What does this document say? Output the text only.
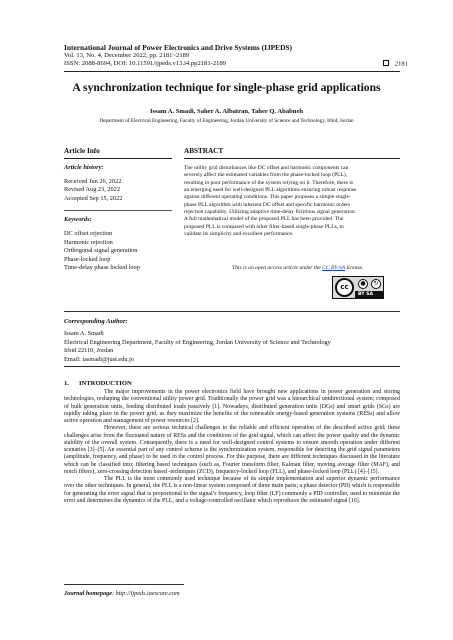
International Journal of Power Electronics and Drive Systems (IJPEDS)
Vol. 13, No. 4, December 2022, pp. 2181~2189
ISSN: 2088-8694, DOI: 10.11591/ijpeds.v13.i4.pp2181-2189	2181
A synchronization technique for single-phase grid applications
Issam A. Smadi, Saher A. Albatran, Taher Q. Ababneh
Department of Electrical Engineering, Faculty of Engineering, Jordan University of Science and Technology, Irbid, Jordan
Article Info
Article history:
Received Jun 26, 2022
Revised Aug 23, 2022
Accepted Sep 15, 2022
Keywords:
DC offset rejection
Harmonic rejection
Orthogonal signal generation
Phase-locked loop
Time-delay phase locked loop
ABSTRACT
The utility grid disturbances like DC offset and harmonic components can
severely affect the estimated variables from the phase-locked loop (PLL),
resulting in poor performance of the system relying on it. Therefore, there is
an emerging need for well-designed PLL algorithms ensuring robust response
against different operating conditions. This paper proposes a simple single-
phase PLL algorithm with inherent DC offset and specific harmonic orders
rejection capability. Utilizing adaptive time-delay fictitious signal generation.
A full mathematical model of the proposed PLL has been provided. The
proposed PLL is compared with other filter-based single-phase PLLs, to
validate its simplicity and excellent performance.
This is an open access article under the CC BY-SA license.
cc	●	↻
BY SA
Corresponding Author:
Issam A. Smadi
Electrical Engineering Department, Faculty of Engineering, Jordan University of Science and Technology
Irbid 22110, Jordan
Email: iasmadi@just.edu.jo
1. INTRODUCTION

The major improvements in the power electronics field have brought new applications in power generation and storing technologies, reshaping the conventional utility power grid. Traditionally the power grid was a hierarchical unidirectional system; composed of bulk generation units, feeding distributed loads passively [1]. Nowadays, distributed generation units (DGs) and smart grids (SGs) are rapidly taking place in the power grid, as they maximize the benefits of the renewable energy-based generation systems (RESs) and allow active operation and management of power resources [2].

However, there are serious technical challenges to the reliable and efficient operation of the described active grid; these challenges arise from the fluctuated nature of RESs and the conditions of the grid signal, which can affect the power quality and the dynamic stability of the overall system. Consequently, there is a need for well-designed control systems to ensure smooth operation under different scenarios [3]–[5]. An essential part of any control scheme is the synchronization system, responsible for detecting the grid signal parameters (amplitude, frequency, and phase) to be used in the control process. For this purpose, there are different techniques discussed in the literature which can be classified into; filtering based techniques (such as, Fourier transform filter, Kalman filter, moving average filter (MAF), and notch filters), zero-crossing detection based -techniques (ZCD), frequency-locked loop (FLL), and phase-locked loop (PLL) [4]–[15].

The PLL is the most commonly used technique because of its simple implementation and superior dynamic performance over the other techniques. In general, the PLL is a non-linear system composed of three main parts; a phase detector (PD) which is responsible for generating the error signal that is proportional to the signal’s frequency, loop filter (LF) commonly a PID controller, used to minimize the error and determines the dynamics of the PLL, and a voltage-controlled oscillator which reproduces the estimated signal [16].

Journal homepage: http://ijpeds.iaescore.com
